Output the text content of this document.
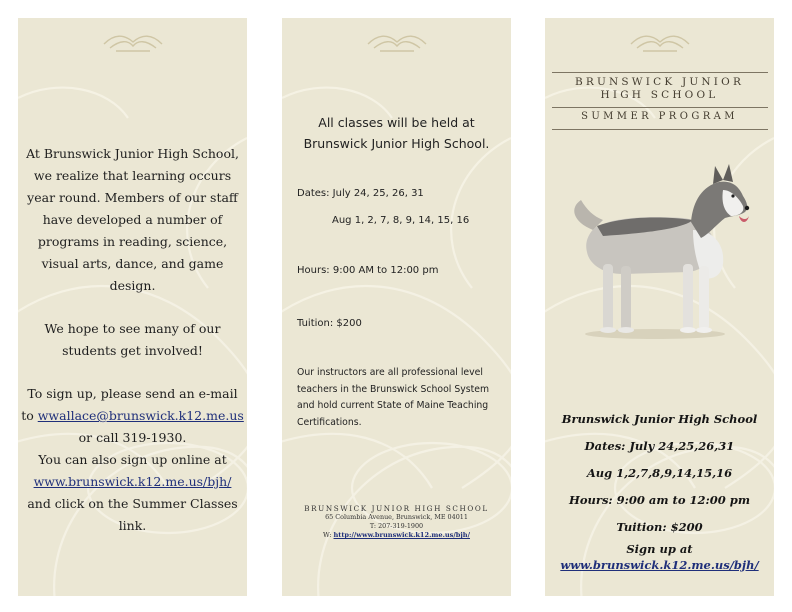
At Brunswick Junior High School,

we realize that learning occurs

year round. Members of our staff

have developed a number of

programs in reading, science,

visual arts, dance, and game

design.

We hope to see many of our

students get involved!

To sign up, please send an e-mail

to wwallace@brunswick.k12.me.us

or call 319-1930.

You can also sign up online at

www.brunswick.k12.me.us/bjh/

and click on the Summer Classes

link.

All classes will be held at
Brunswick Junior High School.
Dates: July 24, 25, 26, 31
Aug 1, 2, 7, 8, 9, 14, 15, 16
Hours: 9:00 AM to 12:00 pm
Tuition: $200
Our instructors are all professional level teachers in the Brunswick School System and hold current State of Maine Teaching Certifications.
BRUNSWICK JUNIOR HIGH SCHOOL
65 Columbia Avenue, Brunswick, ME 04011
T: 207-319-1900
W: http://www.brunswick.k12.me.us/bjh/
BRUNSWICK JUNIOR
HIGH SCHOOL
SUMMER PROGRAM
Brunswick Junior High School
Dates: July 24,25,26,31
Aug 1,2,7,8,9,14,15,16
Hours: 9:00 am to 12:00 pm
Tuition: $200
Sign up at
www.brunswick.k12.me.us/bjh/
